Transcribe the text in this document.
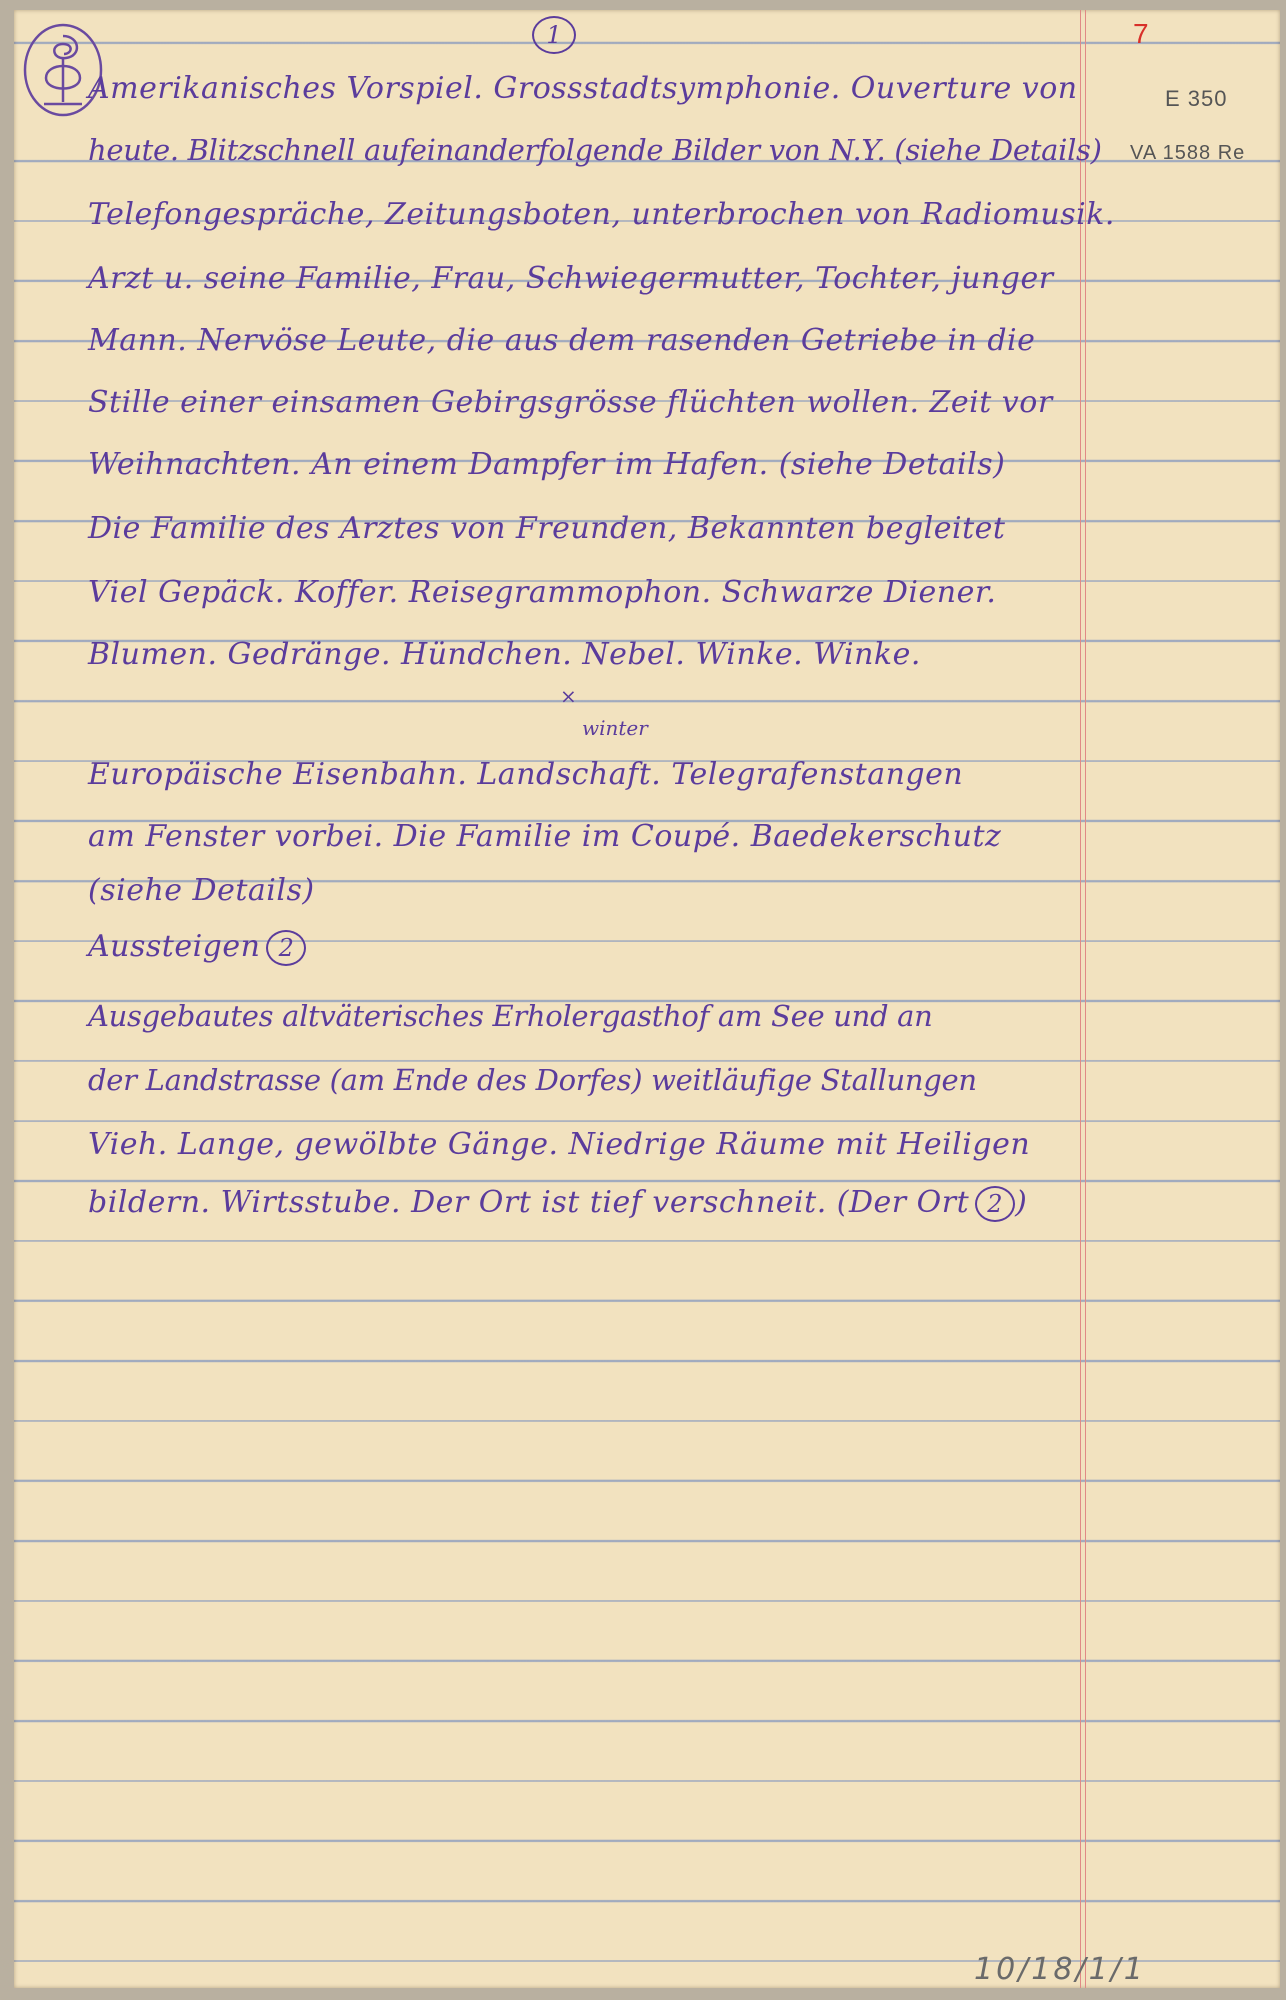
1	7
E 350
VA 1588 Re
Amerikanisches Vorspiel. Grossstadtsymphonie. Ouverture von
heute. Blitzschnell aufeinanderfolgende Bilder von N.Y. (siehe Details)
Telefongespräche, Zeitungsboten, unterbrochen von Radiomusik.
Arzt u. seine Familie, Frau, Schwiegermutter, Tochter, junger
Mann. Nervöse Leute, die aus dem rasenden Getriebe in die
Stille einer einsamen Gebirgsgrösse flüchten wollen. Zeit vor
Weihnachten. An einem Dampfer im Hafen. (siehe Details)
Die Familie des Arztes von Freunden, Bekannten begleitet
Viel Gepäck. Koffer. Reisegrammophon. Schwarze Diener.
Blumen. Gedränge. Hündchen. Nebel. Winke. Winke.
×
winter
Europäische Eisenbahn. Landschaft. Telegrafenstangen
am Fenster vorbei. Die Familie im Coupé. Baedekerschutz
(siehe Details)
Aussteigen 2
Ausgebautes altväterisches Erholergasthof am See und an
der Landstrasse (am Ende des Dorfes) weitläufige Stallungen
Vieh. Lange, gewölbte Gänge. Niedrige Räume mit Heiligen
bildern. Wirtsstube. Der Ort ist tief verschneit. (Der Ort 2 )
10/18/1/1
